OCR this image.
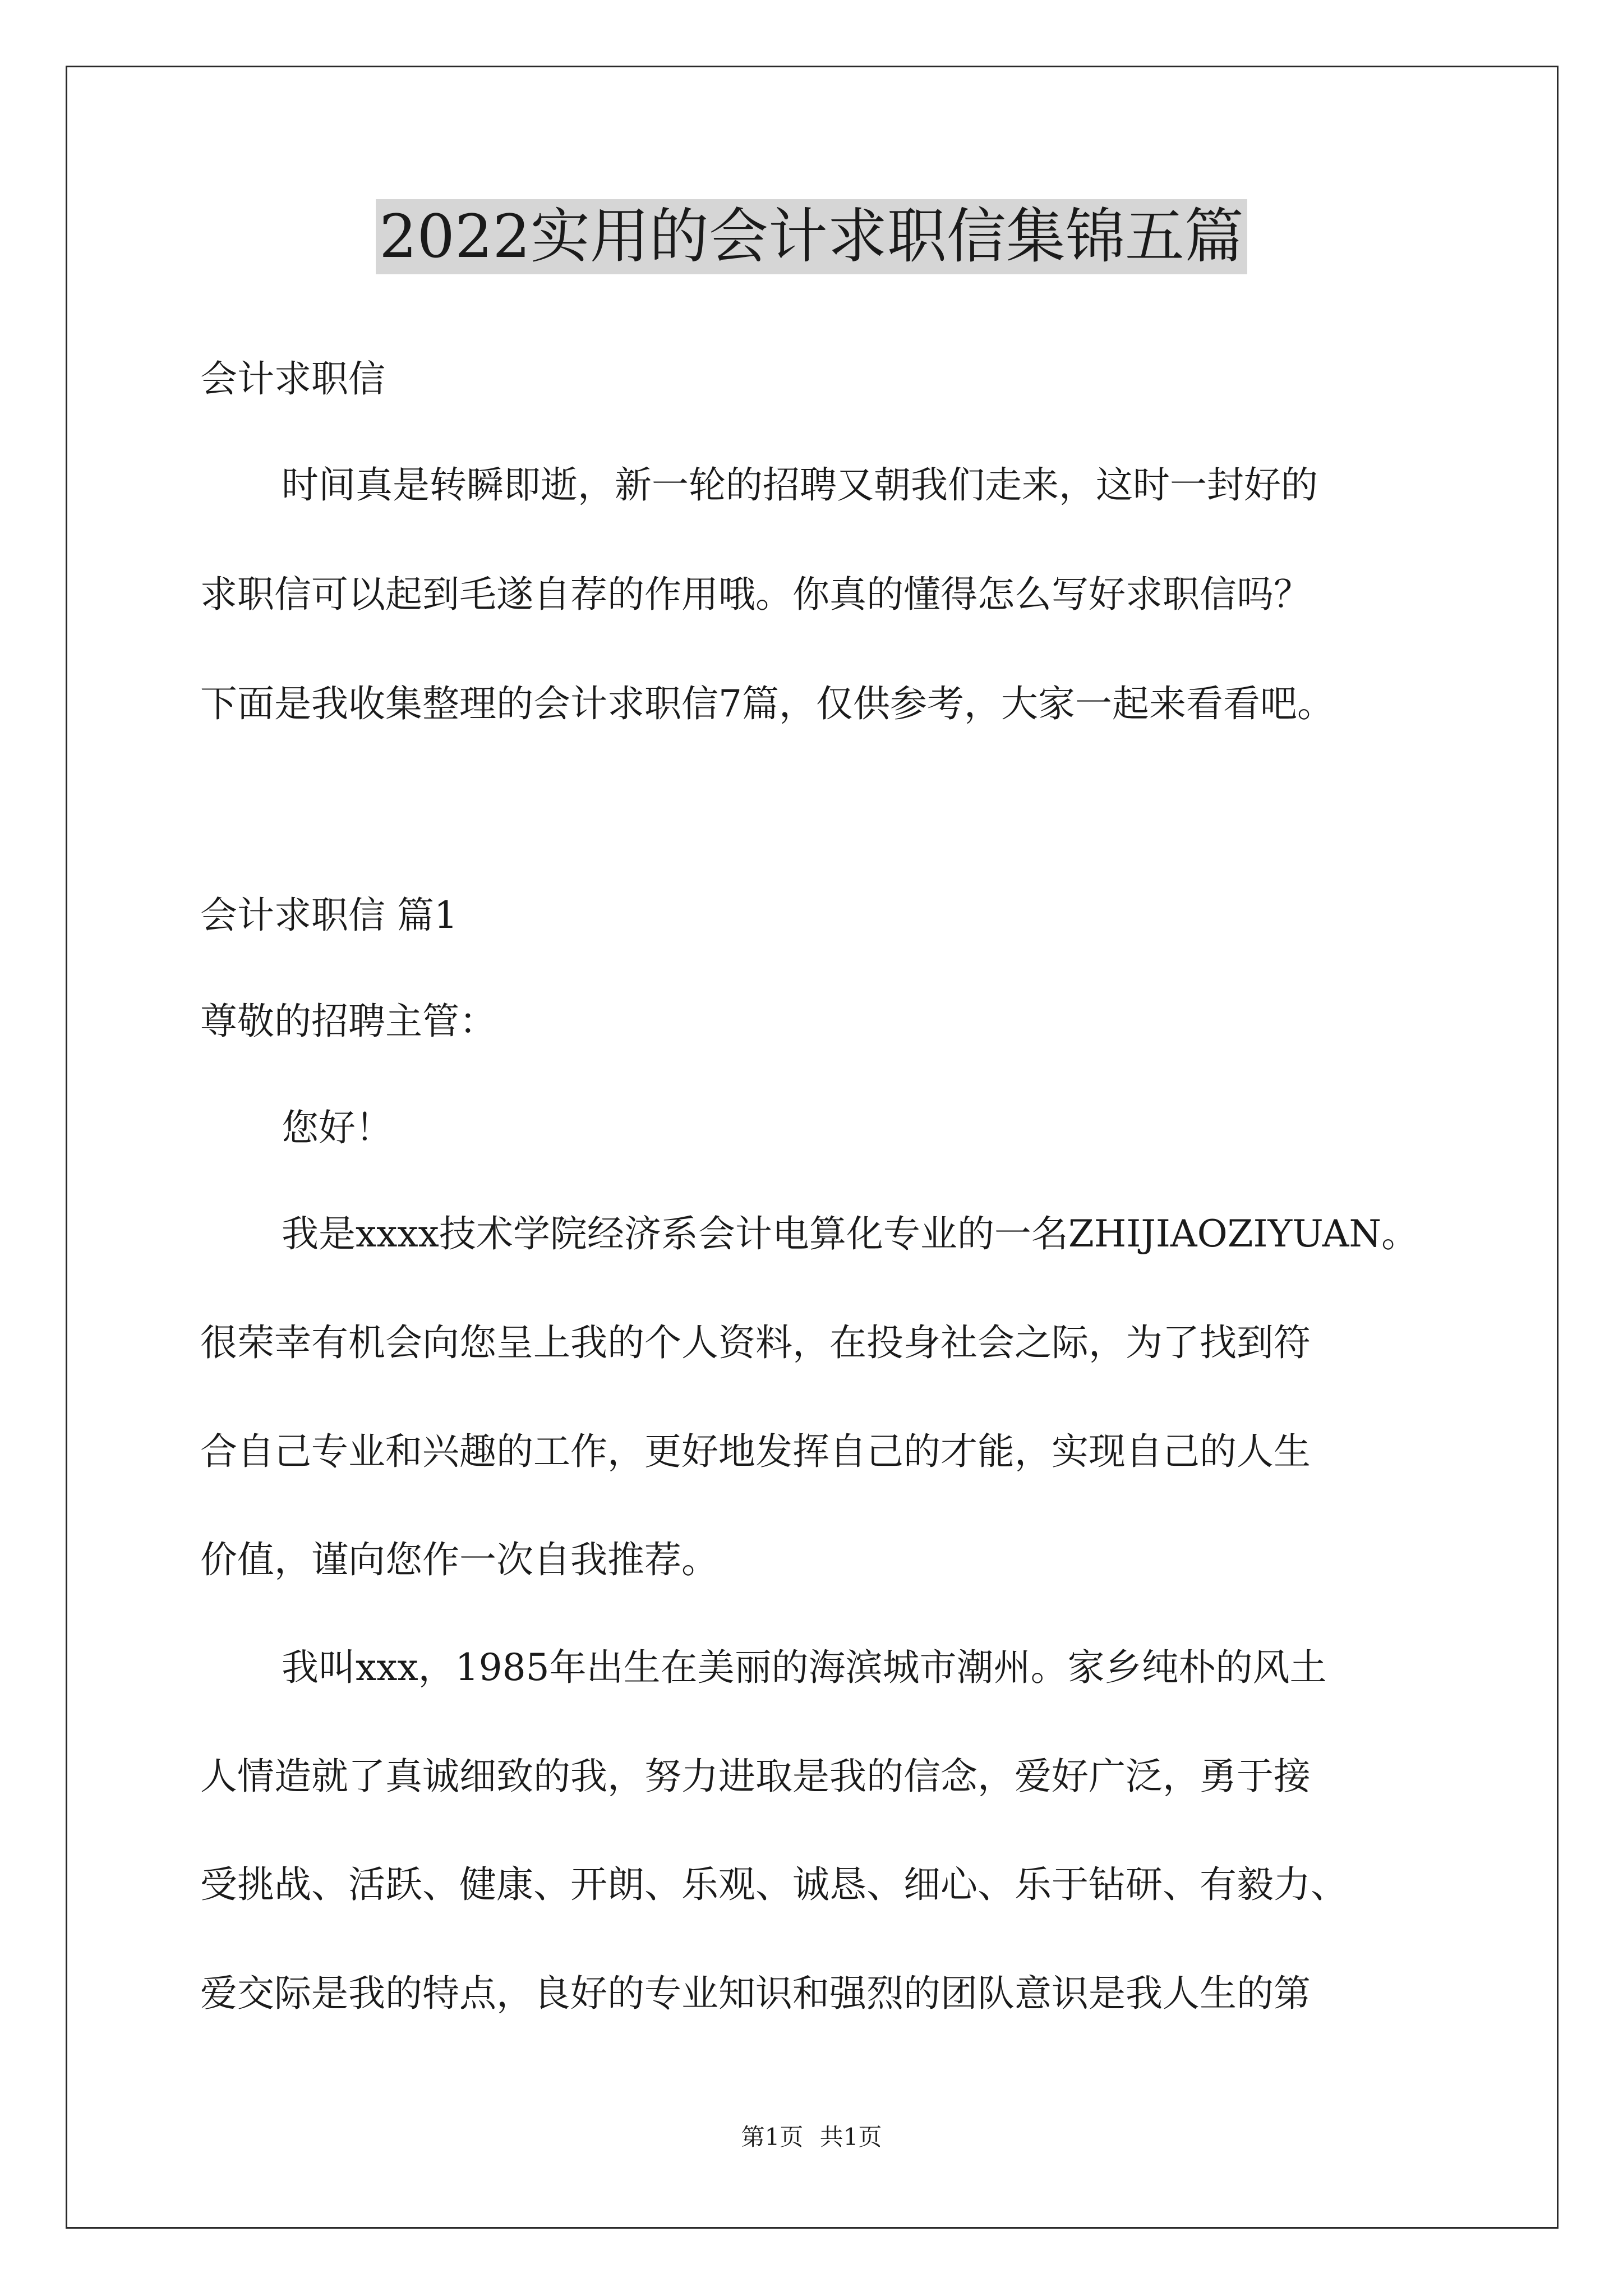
2022实用的会计求职信集锦五篇
会计求职信
时间真是转瞬即逝，新一轮的招聘又朝我们走来，这时一封好的
求职信可以起到毛遂自荐的作用哦。你真的懂得怎么写好求职信吗？
下面是我收集整理的会计求职信7篇，仅供参考，大家一起来看看吧。
会计求职信 篇1
尊敬的招聘主管：
您好！
我是xxxx技术学院经济系会计电算化专业的一名ZHIJIAOZIYUAN。
很荣幸有机会向您呈上我的个人资料，在投身社会之际，为了找到符
合自己专业和兴趣的工作，更好地发挥自己的才能，实现自己的人生
价值，谨向您作一次自我推荐。
我叫xxx，1985年出生在美丽的海滨城市潮州。家乡纯朴的风土
人情造就了真诚细致的我，努力进取是我的信念，爱好广泛，勇于接
受挑战、活跃、健康、开朗、乐观、诚恳、细心、乐于钻研、有毅力、
爱交际是我的特点，良好的专业知识和强烈的团队意识是我人生的第
第1页 共1页
